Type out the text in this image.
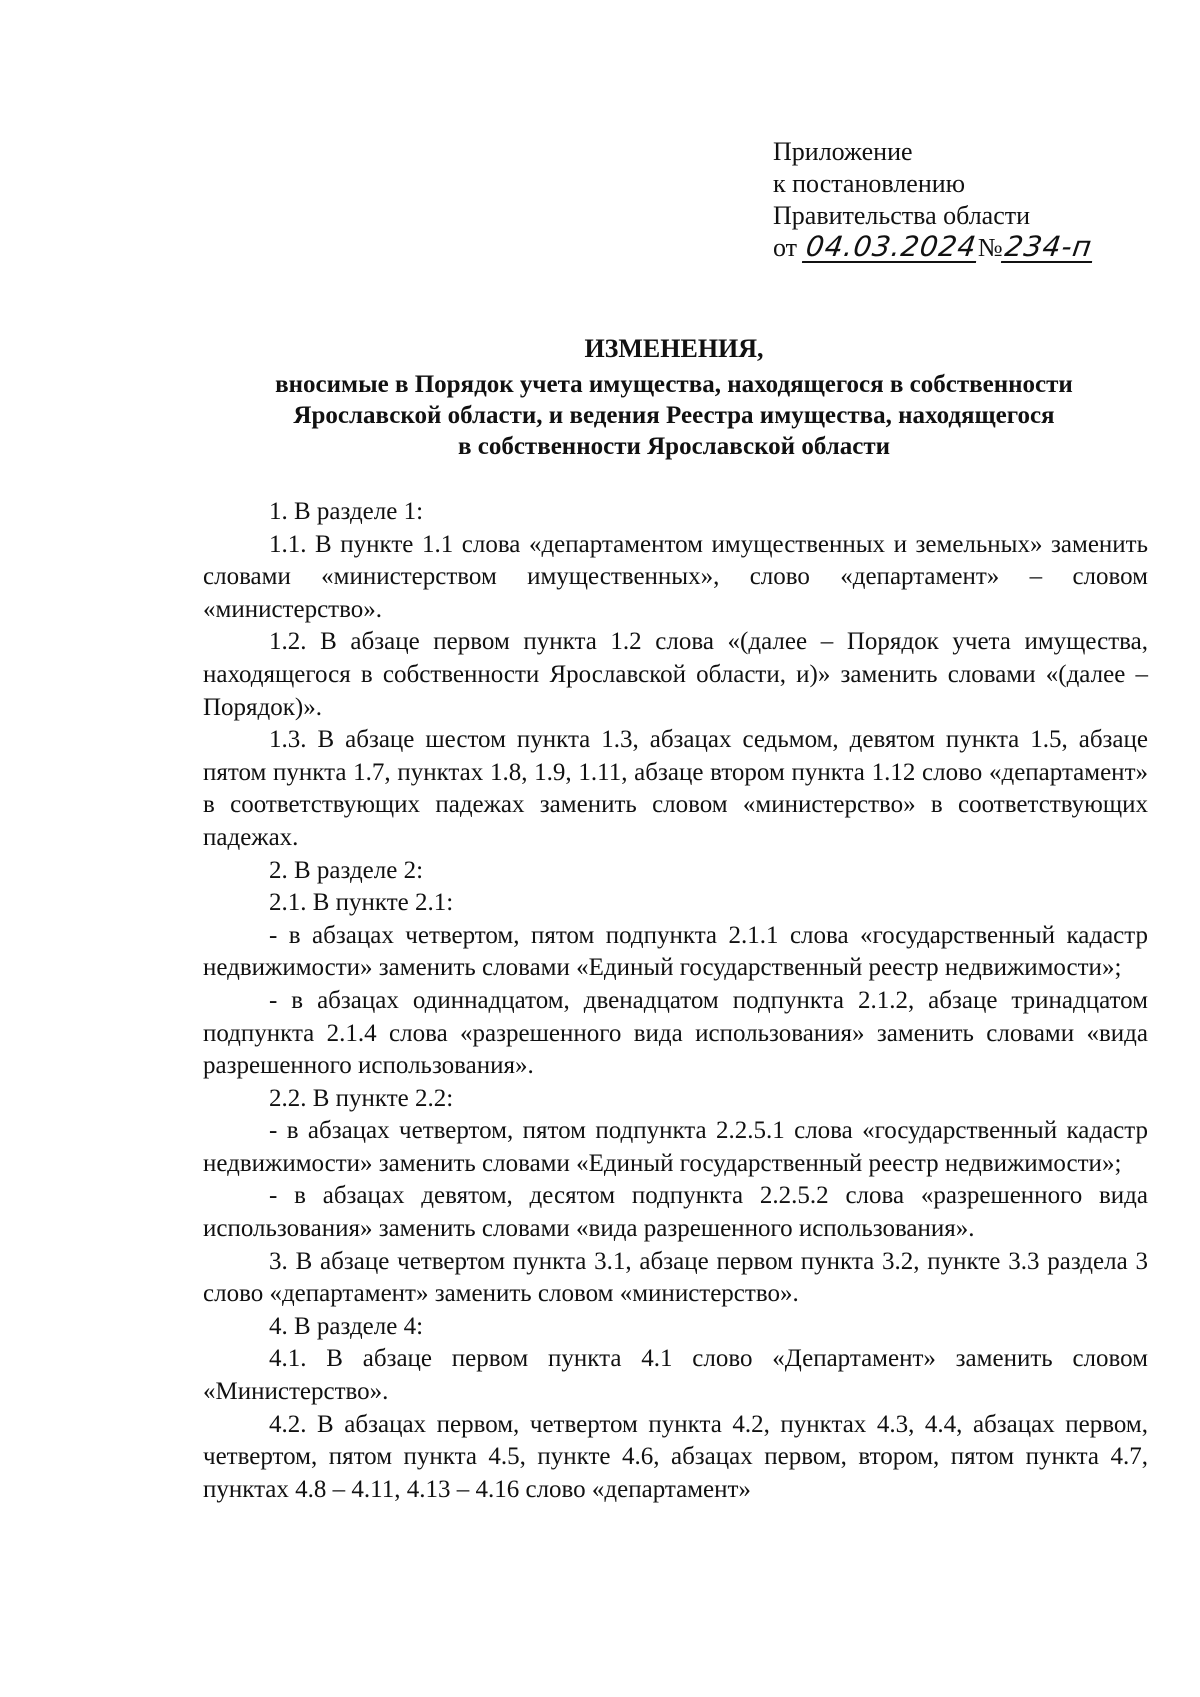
Приложение
к постановлению
Правительства области
от 04.03.2024№234-п
ИЗМЕНЕНИЯ,
вносимые в Порядок учета имущества, находящегося в собственности
Ярославской области, и ведения Реестра имущества, находящегося
в собственности Ярославской области

1. В разделе 1:

1.1. В пункте 1.1 слова «департаментом имущественных и земельных» заменить словами «министерством имущественных», слово «департамент» – словом «министерство».

1.2. В абзаце первом пункта 1.2 слова «(далее – Порядок учета имущества, находящегося в собственности Ярославской области, и)» заменить словами «(далее – Порядок)».

1.3. В абзаце шестом пункта 1.3, абзацах седьмом, девятом пункта 1.5, абзаце пятом пункта 1.7, пунктах 1.8, 1.9, 1.11, абзаце втором пункта 1.12 слово «департамент» в соответствующих падежах заменить словом «министерство» в соответствующих падежах.

2. В разделе 2:

2.1. В пункте 2.1:

- в абзацах четвертом, пятом подпункта 2.1.1 слова «государственный кадастр недвижимости» заменить словами «Единый государственный реестр недвижимости»;

- в абзацах одиннадцатом, двенадцатом подпункта 2.1.2, абзаце тринадцатом подпункта 2.1.4 слова «разрешенного вида использования» заменить словами «вида разрешенного использования».

2.2. В пункте 2.2:

- в абзацах четвертом, пятом подпункта 2.2.5.1 слова «государственный кадастр недвижимости» заменить словами «Единый государственный реестр недвижимости»;

- в абзацах девятом, десятом подпункта 2.2.5.2 слова «разрешенного вида использования» заменить словами «вида разрешенного использования».

3. В абзаце четвертом пункта 3.1, абзаце первом пункта 3.2, пункте 3.3 раздела 3 слово «департамент» заменить словом «министерство».

4. В разделе 4:

4.1. В абзаце первом пункта 4.1 слово «Департамент» заменить словом «Министерство».

4.2. В абзацах первом, четвертом пункта 4.2, пунктах 4.3, 4.4, абзацах первом, четвертом, пятом пункта 4.5, пункте 4.6, абзацах первом, втором, пятом пункта 4.7, пунктах 4.8 – 4.11, 4.13 – 4.16 слово «департамент»
